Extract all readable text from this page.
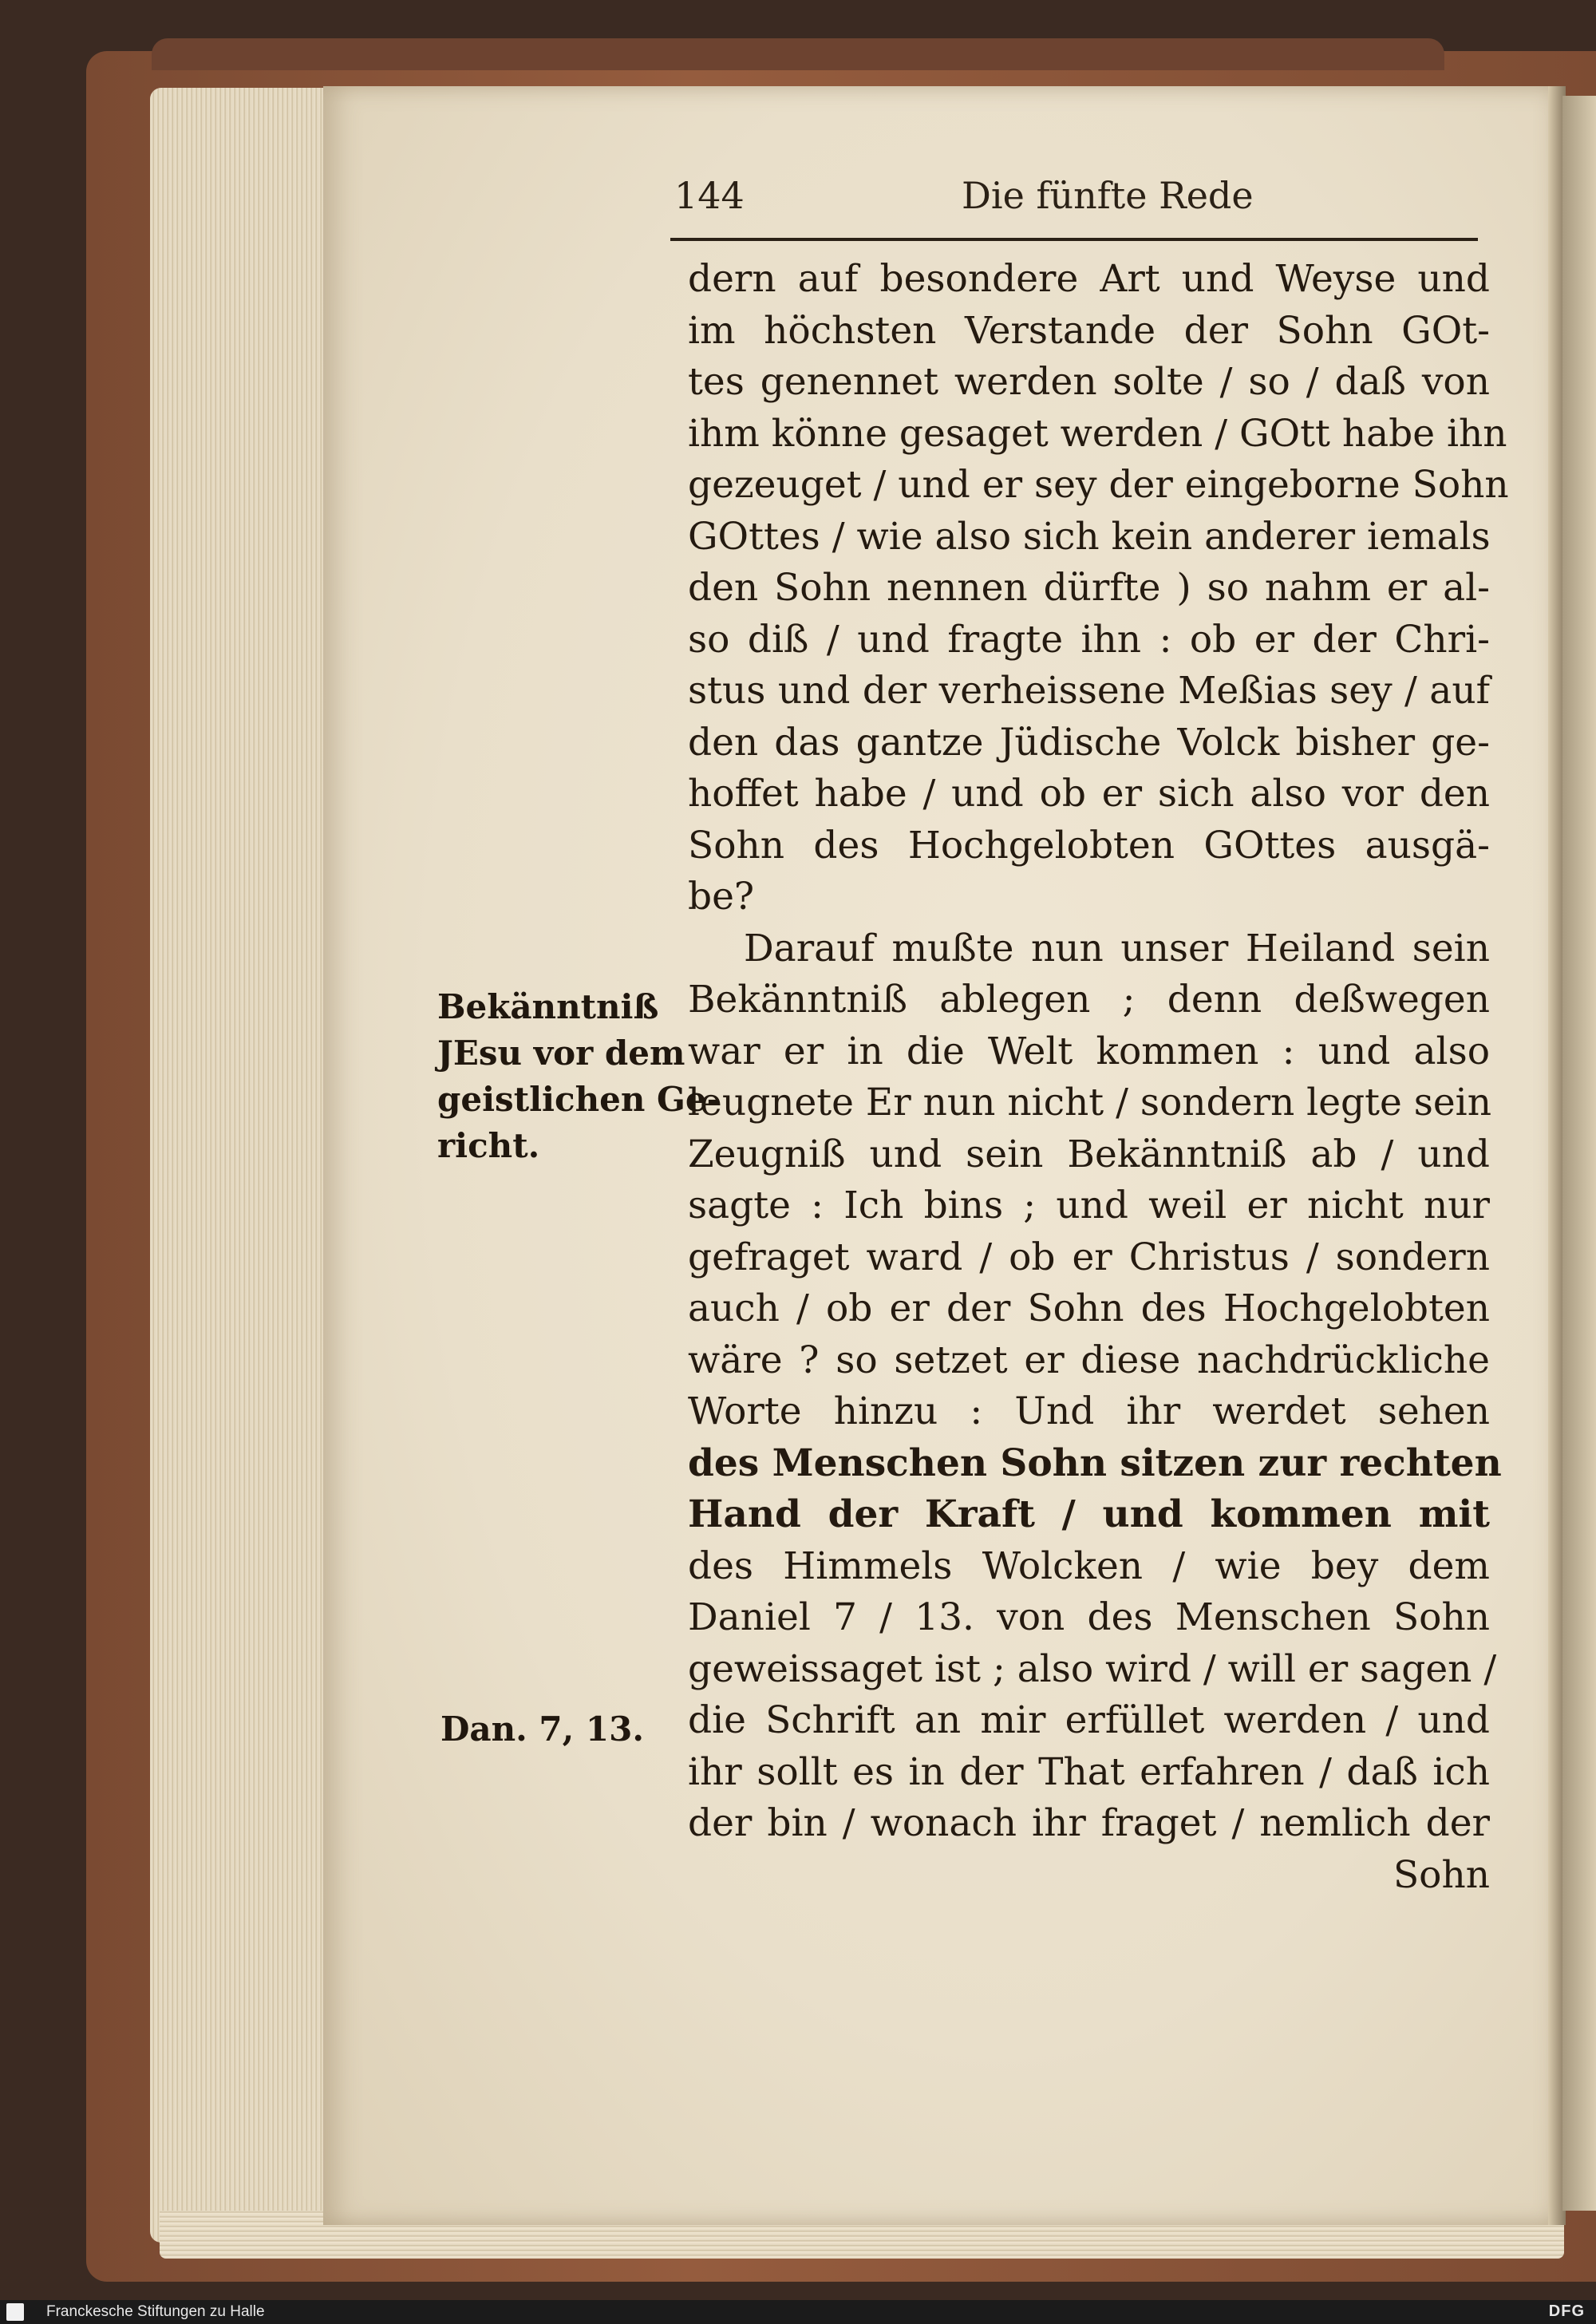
144	Die fünfte Rede
dern auf besondere Art und Weyse und
im höchsten Verstande der Sohn GOt-
tes genennet werden solte / so / daß von
ihm könne gesaget werden / GOtt habe ihn
gezeuget / und er sey der eingeborne Sohn
GOttes / wie also sich kein anderer iemals
den Sohn nennen dürfte ) so nahm er al-
so diß / und fragte ihn : ob er der Chri-
stus und der verheissene Meßias sey / auf
den das gantze Jüdische Volck bisher ge-
hoffet habe / und ob er sich also vor den
Sohn des Hochgelobten GOttes ausgä-
be?
Darauf mußte nun unser Heiland sein
Bekänntniß ablegen ; denn deßwegen
war er in die Welt kommen : und also
leugnete Er nun nicht / sondern legte sein
Zeugniß und sein Bekänntniß ab / und
sagte : Ich bins ; und weil er nicht nur
gefraget ward / ob er Christus / sondern
auch / ob er der Sohn des Hochgelobten
wäre ? so setzet er diese nachdrückliche
Worte hinzu : Und ihr werdet sehen
des Menschen Sohn sitzen zur rechten
Hand der Kraft / und kommen mit
des Himmels Wolcken / wie bey dem
Daniel 7 / 13. von des Menschen Sohn
geweissaget ist ; also wird / will er sagen /
die Schrift an mir erfüllet werden / und
ihr sollt es in der That erfahren / daß ich
der bin / wonach ihr fraget / nemlich der
Sohn
Bekänntniß
JEsu vor dem
geistlichen Ge-
richt.
Dan. 7, 13.
Franckesche Stiftungen zu Halle	DFG
